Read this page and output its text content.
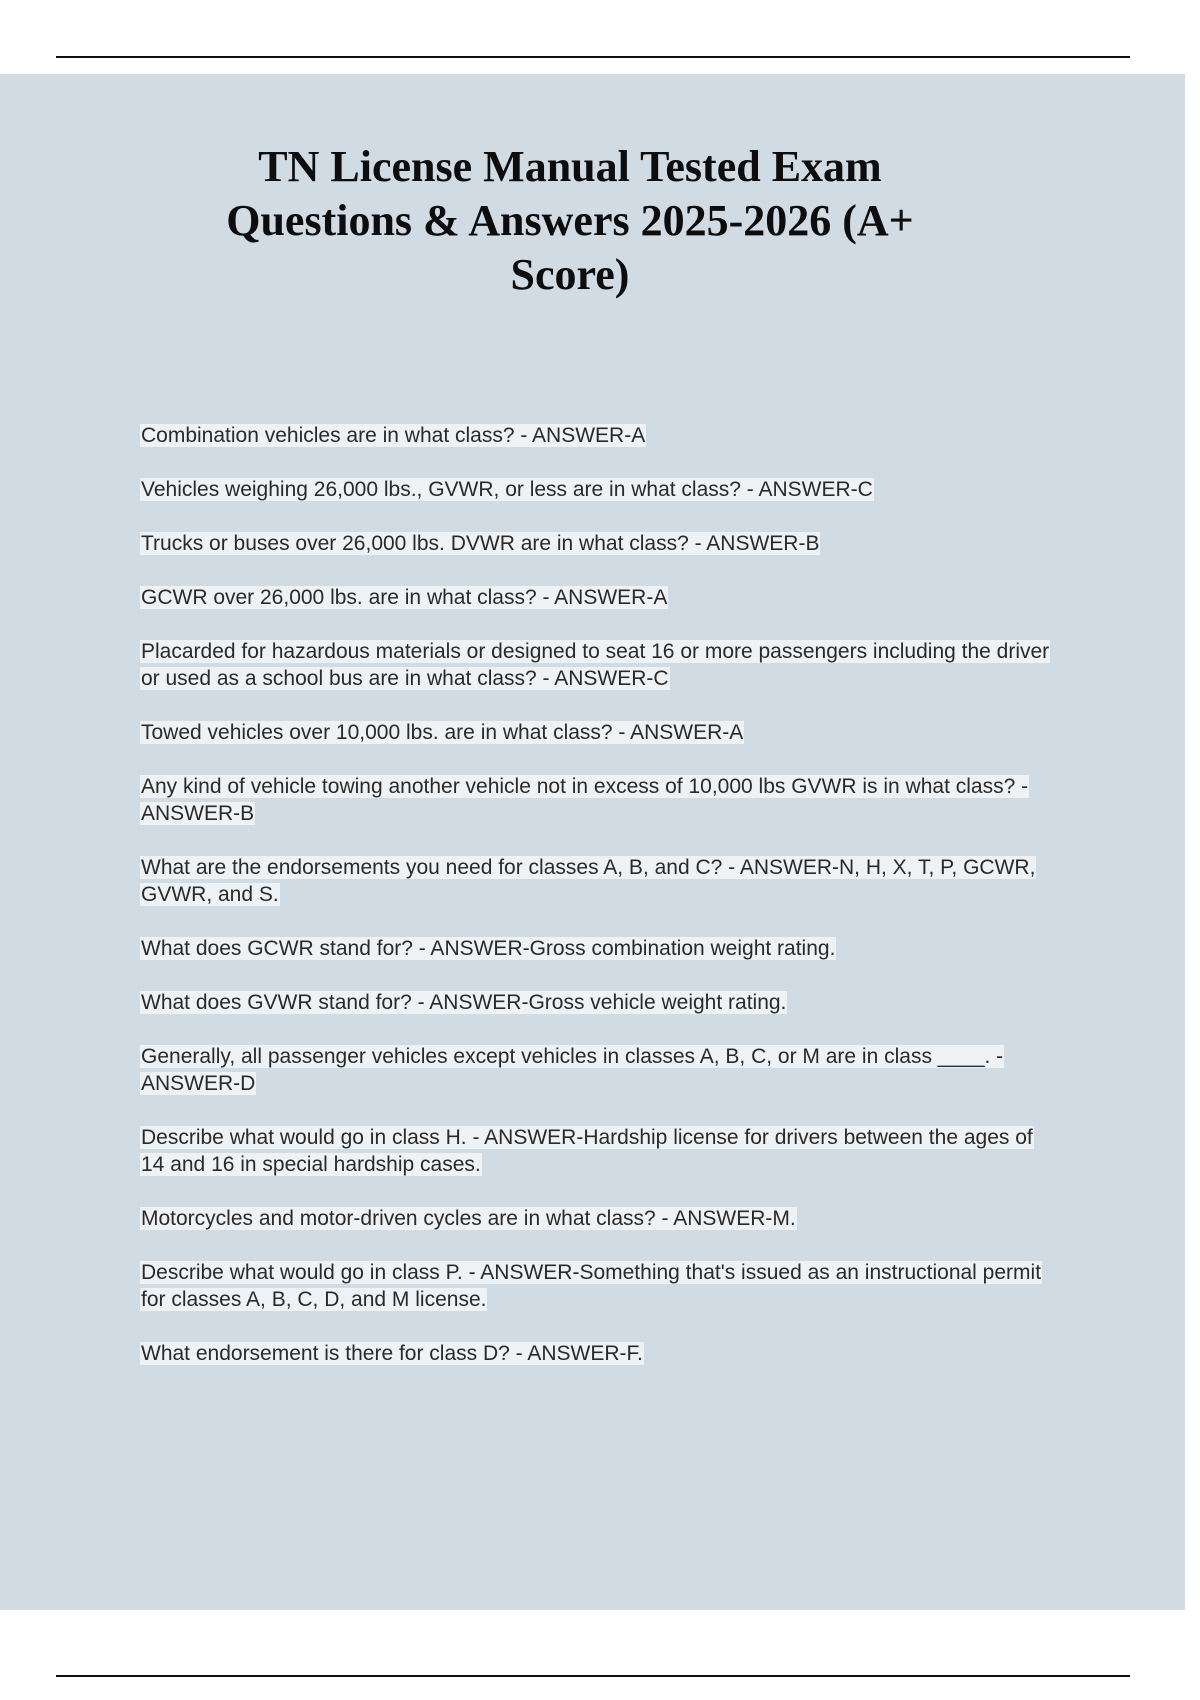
TN License Manual Tested Exam Questions & Answers 2025-2026 (A+ Score)
Combination vehicles are in what class? - ANSWER-A
Vehicles weighing 26,000 lbs., GVWR, or less are in what class? - ANSWER-C
Trucks or buses over 26,000 lbs. DVWR are in what class? - ANSWER-B
GCWR over 26,000 lbs. are in what class? - ANSWER-A
Placarded for hazardous materials or designed to seat 16 or more passengers including the driver or used as a school bus are in what class? - ANSWER-C
Towed vehicles over 10,000 lbs. are in what class? - ANSWER-A
Any kind of vehicle towing another vehicle not in excess of 10,000 lbs GVWR is in what class? - ANSWER-B
What are the endorsements you need for classes A, B, and C? - ANSWER-N, H, X, T, P, GCWR, GVWR, and S.
What does GCWR stand for? - ANSWER-Gross combination weight rating.
What does GVWR stand for? - ANSWER-Gross vehicle weight rating.
Generally, all passenger vehicles except vehicles in classes A, B, C, or M are in class ____. - ANSWER-D
Describe what would go in class H. - ANSWER-Hardship license for drivers between the ages of 14 and 16 in special hardship cases.
Motorcycles and motor-driven cycles are in what class? - ANSWER-M.
Describe what would go in class P. - ANSWER-Something that's issued as an instructional permit for classes A, B, C, D, and M license.
What endorsement is there for class D? - ANSWER-F.
